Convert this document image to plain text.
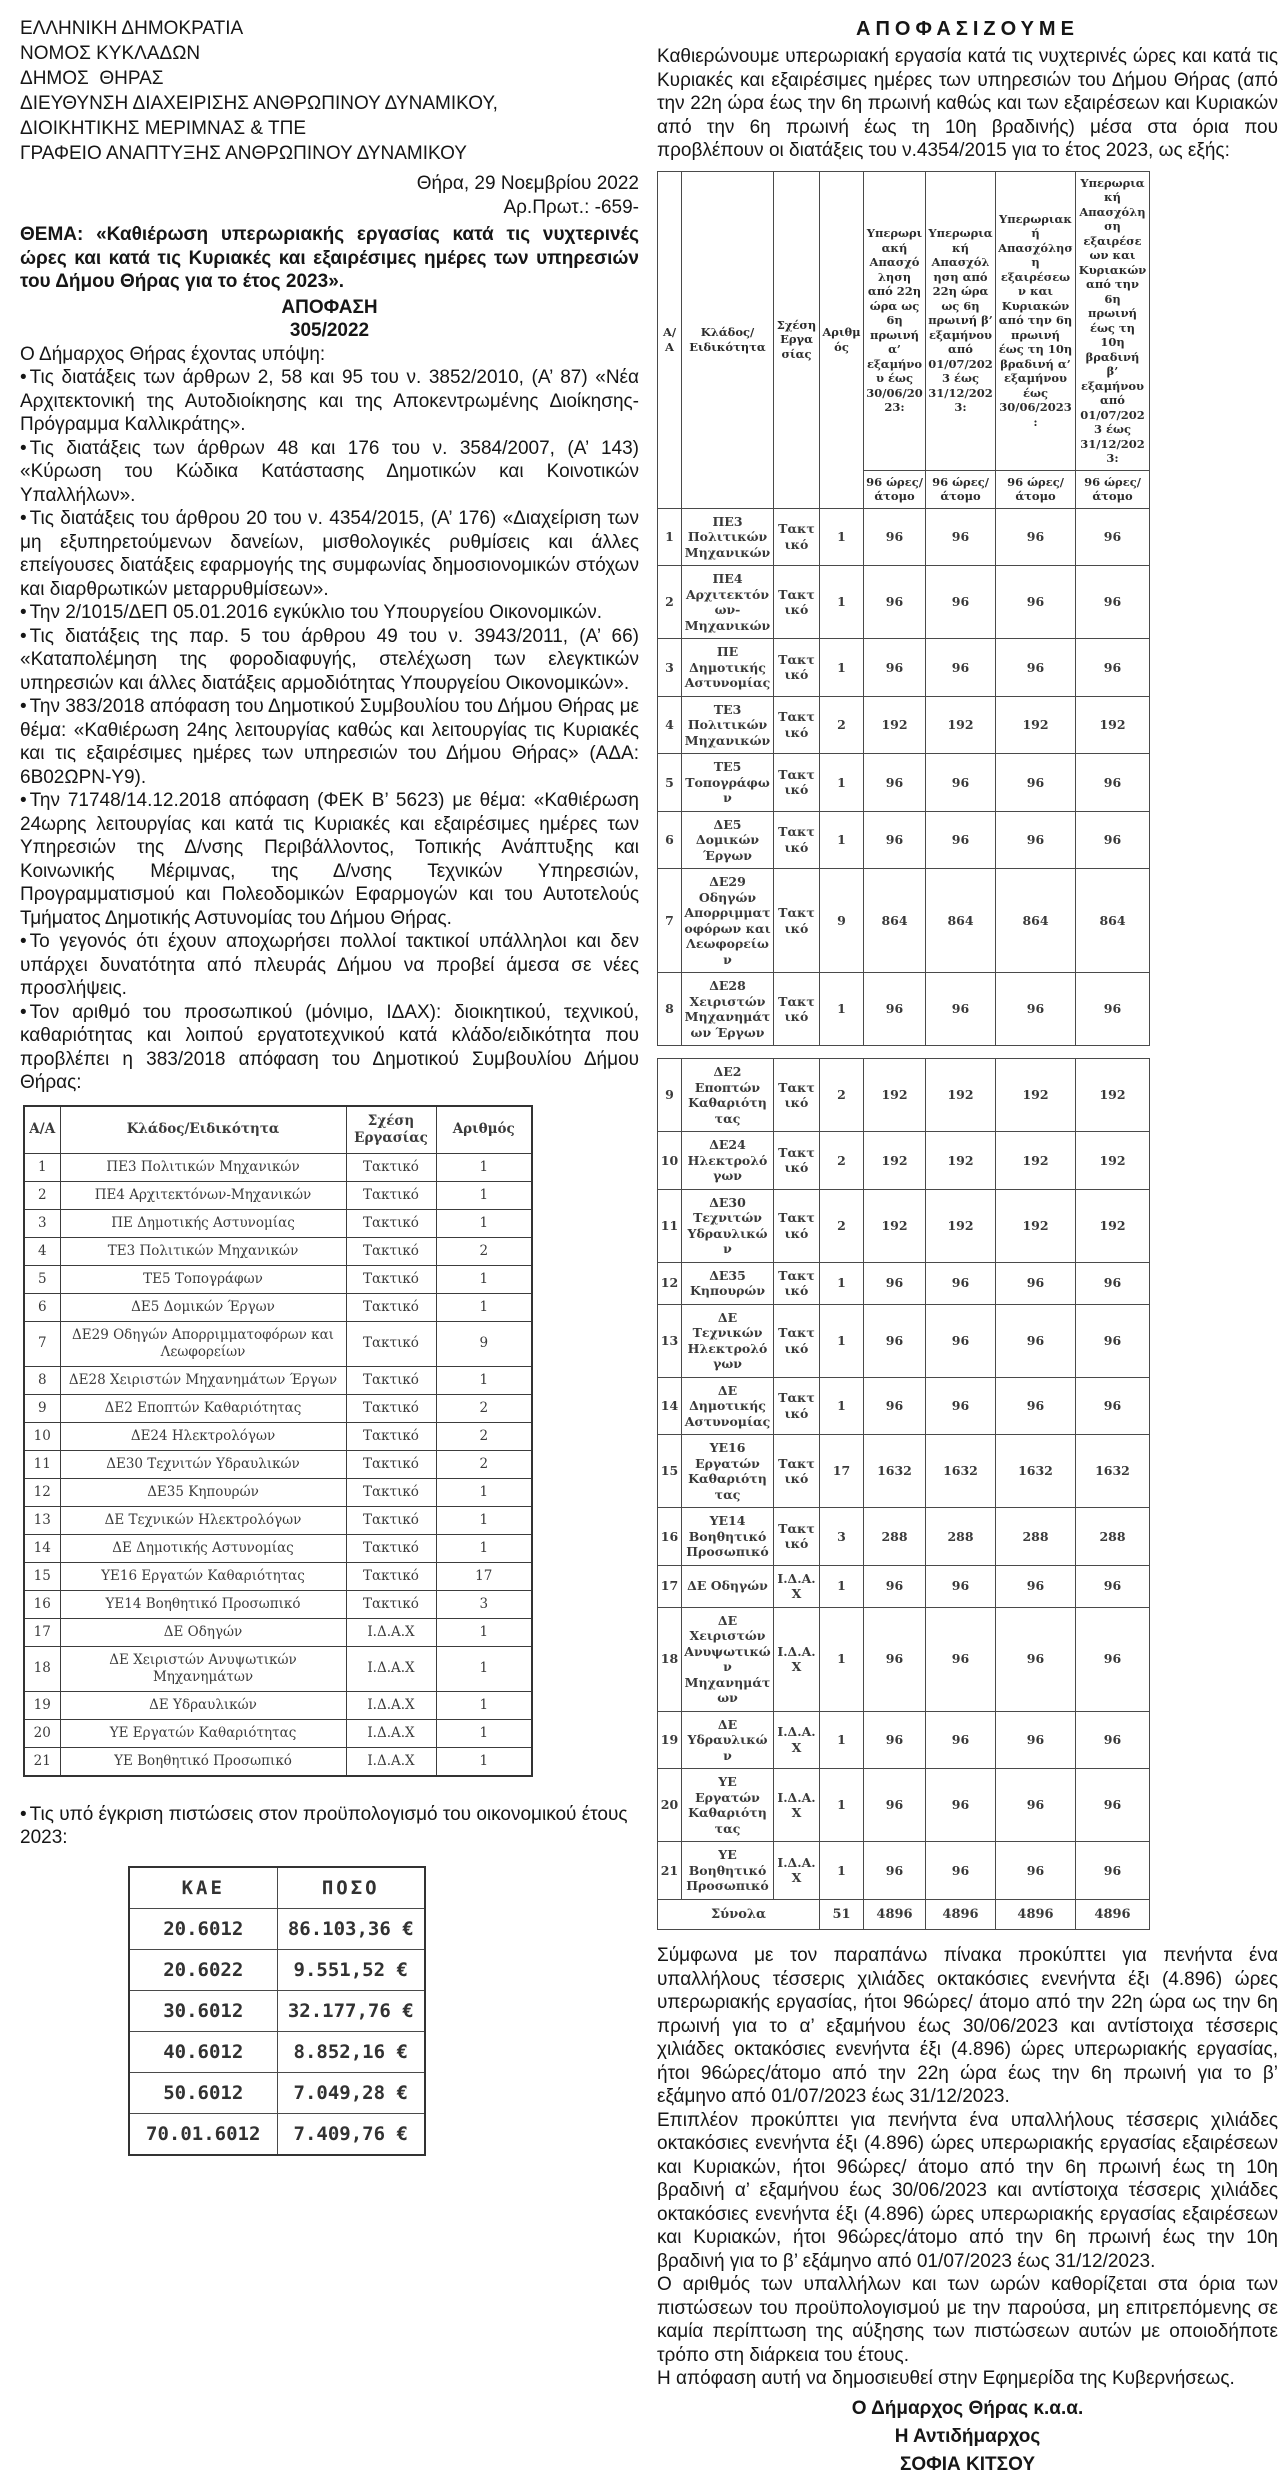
ΕΛΛΗΝΙΚΗ ΔΗΜΟΚΡΑΤΙΑ
ΝΟΜΟΣ ΚΥΚΛΑΔΩΝ
ΔΗΜΟΣ  ΘΗΡΑΣ
ΔΙΕΥΘΥΝΣΗ ΔΙΑΧΕΙΡΙΣΗΣ ΑΝΘΡΩΠΙΝΟΥ ΔΥΝΑΜΙΚΟΥ,
ΔΙΟΙΚΗΤΙΚΗΣ ΜΕΡΙΜΝΑΣ & ΤΠΕ
ΓΡΑΦΕΙΟ ΑΝΑΠΤΥΞΗΣ ΑΝΘΡΩΠΙΝΟΥ ΔΥΝΑΜΙΚΟΥ
Θήρα, 29 Νοεμβρίου 2022
Αρ.Πρωτ.: -659-

ΘΕΜΑ: «Καθιέρωση υπερωριακής εργασίας κατά τις νυχτερινές ώρες και κατά τις Κυριακές και εξαιρέσιμες ημέρες των υπηρεσιών του Δήμου Θήρας για το έτος 2023».

ΑΠΟΦΑΣΗ
305/2022

Ο Δήμαρχος Θήρας έχοντας υπόψη:

• Τις διατάξεις των άρθρων 2, 58 και 95 του ν. 3852/2010, (Α’ 87) «Νέα Αρχιτεκτονική της Αυτοδιοίκησης και της Αποκεντρωμένης Διοίκησης-Πρόγραμμα Καλλικράτης».

• Τις διατάξεις των άρθρων 48 και 176 του ν. 3584/2007, (Α’ 143) «Κύρωση του Κώδικα Κατάστασης Δημοτικών και Κοινοτικών Υπαλλήλων».

• Τις διατάξεις του άρθρου 20 του ν. 4354/2015, (Α’ 176) «Διαχείριση των μη εξυπηρετούμενων δανείων, μισθολογικές ρυθμίσεις και άλλες επείγουσες διατάξεις εφαρμογής της συμφωνίας δημοσιονομικών στόχων και διαρθρωτικών μεταρρυθμίσεων».

• Την 2/1015/ΔΕΠ 05.01.2016 εγκύκλιο του Υπουργείου Οικονομικών.

• Τις διατάξεις της παρ. 5 του άρθρου 49 του ν. 3943/2011, (Α’ 66) «Καταπολέμηση της φοροδιαφυγής, στελέχωση των ελεγκτικών υπηρεσιών και άλλες διατάξεις αρμοδιότητας Υπουργείου Οικονομικών».

• Την 383/2018 απόφαση του Δημοτικού Συμβουλίου του Δήμου Θήρας με θέμα: «Καθιέρωση 24ης λειτουργίας καθώς και λειτουργίας τις Κυριακές και τις εξαιρέσιμες ημέρες των υπηρεσιών του Δήμου Θήρας» (ΑΔΑ: 6Β02ΩΡΝ-Υ9).

• Την 71748/14.12.2018 απόφαση (ΦΕΚ Β’ 5623) με θέμα: «Καθιέρωση 24ωρης λειτουργίας και κατά τις Κυριακές και εξαιρέσιμες ημέρες των Υπηρεσιών της Δ/νσης Περιβάλλοντος, Τοπικής Ανάπτυξης και Κοινωνικής Μέριμνας, της Δ/νσης Τεχνικών Υπηρεσιών, Προγραμματισμού και Πολεοδομικών Εφαρμογών και του Αυτοτελούς Τμήματος Δημοτικής Αστυνομίας του Δήμου Θήρας.

• Το γεγονός ότι έχουν αποχωρήσει πολλοί τακτικοί υπάλληλοι και δεν υπάρχει δυνατότητα από πλευράς Δήμου να προβεί άμεσα σε νέες προσλήψεις.

• Τον αριθμό του προσωπικού (μόνιμο, ΙΔΑΧ): διοικητικού, τεχνικού, καθαριότητας και λοιπού εργατοτεχνικού κατά κλάδο/ειδικότητα που προβλέπει η 383/2018 απόφαση του Δημοτικού Συμβουλίου Δήμου Θήρας:

Α/Α	Κλάδος/Ειδικότητα	Σχέση Εργασίας	Αριθμός
1	ΠΕ3 Πολιτικών Μηχανικών	Τακτικό	1
2	ΠΕ4 Αρχιτεκτόνων-Μηχανικών	Τακτικό	1
3	ΠΕ Δημοτικής Αστυνομίας	Τακτικό	1
4	ΤΕ3 Πολιτικών Μηχανικών	Τακτικό	2
5	ΤΕ5 Τοπογράφων	Τακτικό	1
6	ΔΕ5 Δομικών Έργων	Τακτικό	1
7	ΔΕ29 Οδηγών Απορριμματοφόρων και Λεωφορείων	Τακτικό	9
8	ΔΕ28 Χειριστών Μηχανημάτων Έργων	Τακτικό	1
9	ΔΕ2 Εποπτών Καθαριότητας	Τακτικό	2
10	ΔΕ24 Ηλεκτρολόγων	Τακτικό	2
11	ΔΕ30 Τεχνιτών Υδραυλικών	Τακτικό	2
12	ΔΕ35 Κηπουρών	Τακτικό	1
13	ΔΕ Τεχνικών Ηλεκτρολόγων	Τακτικό	1
14	ΔΕ Δημοτικής Αστυνομίας	Τακτικό	1
15	ΥΕ16 Εργατών Καθαριότητας	Τακτικό	17
16	ΥΕ14 Βοηθητικό Προσωπικό	Τακτικό	3
17	ΔΕ Οδηγών	Ι.Δ.Α.Χ	1
18	ΔΕ Χειριστών Ανυψωτικών Μηχανημάτων	Ι.Δ.Α.Χ	1
19	ΔΕ Υδραυλικών	Ι.Δ.Α.Χ	1
20	ΥΕ Εργατών Καθαριότητας	Ι.Δ.Α.Χ	1
21	ΥΕ Βοηθητικό Προσωπικό	Ι.Δ.Α.Χ	1

• Τις υπό έγκριση πιστώσεις στον προϋπολογισμό του οικονομικού έτους 2023:

ΚΑΕ	ΠΟΣΟ
20.6012	86.103,36 €
20.6022	9.551,52 €
30.6012	32.177,76 €
40.6012	8.852,16 €
50.6012	7.049,28 €
70.01.6012	7.409,76 €
ΑΠΟΦΑΣΙΖΟΥΜΕ

Καθιερώνουμε υπερωριακή εργασία κατά τις νυχτερινές ώρες και κατά τις Κυριακές και εξαιρέσιμες ημέρες των υπηρεσιών του Δήμου Θήρας (από την 22η ώρα έως την 6η πρωινή καθώς και των εξαιρέσεων και Κυριακών από την 6η πρωινή έως τη 10η βραδινής) μέσα στα όρια που προβλέπουν οι διατάξεις του ν.4354/2015 για το έτος 2023, ως εξής:

Α/Α	Κλάδος/ Ειδικότητα	Σχέση Εργασίας	Αριθμός	Υπερωριακή Απασχόληση από 22η ώρα ως 6η πρωινή α’ εξαμήνου έως 30/06/2023:	Υπερωριακή Απασχόληση από 22η ώρα ως 6η πρωινή β’ εξαμήνου από 01/07/2023 έως 31/12/2023:	Υπερωριακή Απασχόληση εξαιρέσεων και Κυριακών από την 6η πρωινή έως τη 10η βραδινή α’ εξαμήνου έως 30/06/2023:	Υπερωριακή Απασχόληση εξαιρέσεων και Κυριακών από την 6η πρωινή έως τη 10η βραδινή β’ εξαμήνου από 01/07/2023 έως 31/12/2023:
				96 ώρες/ άτομο	96 ώρες/ άτομο	96 ώρες/ άτομο	96 ώρες/ άτομο
1	ΠΕ3 Πολιτικών Μηχανικών	Τακτικό	1	96	96	96	96
2	ΠΕ4 Αρχιτεκτόνων-Μηχανικών	Τακτικό	1	96	96	96	96
3	ΠΕ Δημοτικής Αστυνομίας	Τακτικό	1	96	96	96	96
4	ΤΕ3 Πολιτικών Μηχανικών	Τακτικό	2	192	192	192	192
5	ΤΕ5 Τοπογράφων	Τακτικό	1	96	96	96	96
6	ΔΕ5 Δομικών Έργων	Τακτικό	1	96	96	96	96
7	ΔΕ29 Οδηγών Απορριμματοφόρων και Λεωφορείων	Τακτικό	9	864	864	864	864
8	ΔΕ28 Χειριστών Μηχανημάτων Έργων	Τακτικό	1	96	96	96	96
9	ΔΕ2 Εποπτών Καθαριότητας	Τακτικό	2	192	192	192	192
10	ΔΕ24 Ηλεκτρολόγων	Τακτικό	2	192	192	192	192
11	ΔΕ30 Τεχνιτών Υδραυλικών	Τακτικό	2	192	192	192	192
12	ΔΕ35 Κηπουρών	Τακτικό	1	96	96	96	96
13	ΔΕ Τεχνικών Ηλεκτρολόγων	Τακτικό	1	96	96	96	96
14	ΔΕ Δημοτικής Αστυνομίας	Τακτικό	1	96	96	96	96
15	ΥΕ16 Εργατών Καθαριότητας	Τακτικό	17	1632	1632	1632	1632
16	ΥΕ14 Βοηθητικό Προσωπικό	Τακτικό	3	288	288	288	288
17	ΔΕ Οδηγών	Ι.Δ.Α.Χ	1	96	96	96	96
18	ΔΕ Χειριστών Ανυψωτικών Μηχανημάτων	Ι.Δ.Α.Χ	1	96	96	96	96
19	ΔΕ Υδραυλικών	Ι.Δ.Α.Χ	1	96	96	96	96
20	ΥΕ Εργατών Καθαριότητας	Ι.Δ.Α.Χ	1	96	96	96	96
21	ΥΕ Βοηθητικό Προσωπικό	Ι.Δ.Α.Χ	1	96	96	96	96
Σύνολα			51	4896	4896	4896	4896

Σύμφωνα με τον παραπάνω πίνακα προκύπτει για πενήντα ένα υπαλλήλους τέσσερις χιλιάδες οκτακόσιες ενενήντα έξι (4.896) ώρες υπερωριακής εργασίας, ήτοι 96ώρες/ άτομο από την 22η ώρα ως την 6η πρωινή για το α’ εξαμήνου έως 30/06/2023 και αντίστοιχα τέσσερις χιλιάδες οκτακόσιες ενενήντα έξι (4.896) ώρες υπερωριακής εργασίας, ήτοι 96ώρες/άτομο από την 22η ώρα έως την 6η πρωινή για το β’ εξάμηνο από 01/07/2023 έως 31/12/2023.

Επιπλέον προκύπτει για πενήντα ένα υπαλλήλους τέσσερις χιλιάδες οκτακόσιες ενενήντα έξι (4.896) ώρες υπερωριακής εργασίας εξαιρέσεων και Κυριακών, ήτοι 96ώρες/ άτομο από την 6η πρωινή έως τη 10η βραδινή α’ εξαμήνου έως 30/06/2023 και αντίστοιχα τέσσερις χιλιάδες οκτακόσιες ενενήντα έξι (4.896) ώρες υπερωριακής εργασίας εξαιρέσεων και Κυριακών, ήτοι 96ώρες/άτομο από την 6η πρωινή έως την 10η βραδινή για το β’ εξάμηνο από 01/07/2023 έως 31/12/2023.

Ο αριθμός των υπαλλήλων και των ωρών καθορίζεται στα όρια των πιστώσεων του προϋπολογισμού με την παρούσα, μη επιτρεπόμενης σε καμία περίπτωση της αύξησης των πιστώσεων αυτών με οποιοδήποτε τρόπο στη διάρκεια του έτους.

Η απόφαση αυτή να δημοσιευθεί στην Εφημερίδα της Κυβερνήσεως.

Ο Δήμαρχος Θήρας κ.α.α.
Η Αντιδήμαρχος
ΣΟΦΙΑ ΚΙΤΣΟΥ
